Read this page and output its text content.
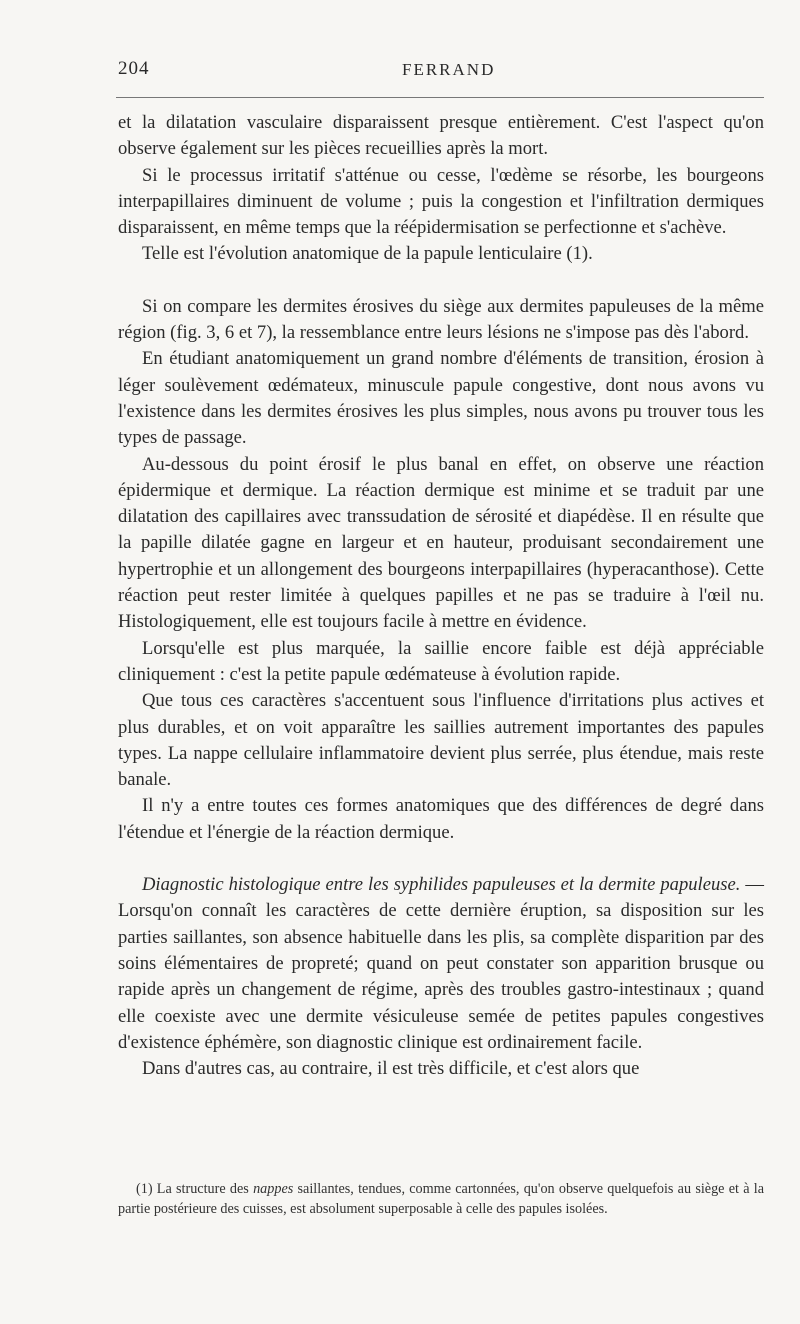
204	FERRAND

et la dilatation vasculaire disparaissent presque entièrement. C'est l'aspect qu'on observe également sur les pièces recueillies après la mort.

Si le processus irritatif s'atténue ou cesse, l'œdème se résorbe, les bourgeons interpapillaires diminuent de volume ; puis la congestion et l'infiltration dermiques disparaissent, en même temps que la réépidermisation se perfectionne et s'achève.

Telle est l'évolution anatomique de la papule lenticulaire (1).

Si on compare les dermites érosives du siège aux dermites papuleuses de la même région (fig. 3, 6 et 7), la ressemblance entre leurs lésions ne s'impose pas dès l'abord.

En étudiant anatomiquement un grand nombre d'éléments de transition, érosion à léger soulèvement œdémateux, minuscule papule congestive, dont nous avons vu l'existence dans les dermites érosives les plus simples, nous avons pu trouver tous les types de passage.

Au-dessous du point érosif le plus banal en effet, on observe une réaction épidermique et dermique. La réaction dermique est minime et se traduit par une dilatation des capillaires avec transsudation de sérosité et diapédèse. Il en résulte que la papille dilatée gagne en largeur et en hauteur, produisant secondairement une hypertrophie et un allongement des bourgeons interpapillaires (hyperacanthose). Cette réaction peut rester limitée à quelques papilles et ne pas se traduire à l'œil nu. Histologiquement, elle est toujours facile à mettre en évidence.

Lorsqu'elle est plus marquée, la saillie encore faible est déjà appréciable cliniquement : c'est la petite papule œdémateuse à évolution rapide.

Que tous ces caractères s'accentuent sous l'influence d'irritations plus actives et plus durables, et on voit apparaître les saillies autrement importantes des papules types. La nappe cellulaire inflammatoire devient plus serrée, plus étendue, mais reste banale.

Il n'y a entre toutes ces formes anatomiques que des différences de degré dans l'étendue et l'énergie de la réaction dermique.

Diagnostic histologique entre les syphilides papuleuses et la dermite papuleuse. — Lorsqu'on connaît les caractères de cette dernière éruption, sa disposition sur les parties saillantes, son absence habituelle dans les plis, sa complète disparition par des soins élémentaires de propreté; quand on peut constater son apparition brusque ou rapide après un changement de régime, après des troubles gastro-intestinaux ; quand elle coexiste avec une dermite vésiculeuse semée de petites papules congestives d'existence éphémère, son diagnostic clinique est ordinairement facile.

Dans d'autres cas, au contraire, il est très difficile, et c'est alors que

(1) La structure des nappes saillantes, tendues, comme cartonnées, qu'on observe quelquefois au siège et à la partie postérieure des cuisses, est absolument superposable à celle des papules isolées.
